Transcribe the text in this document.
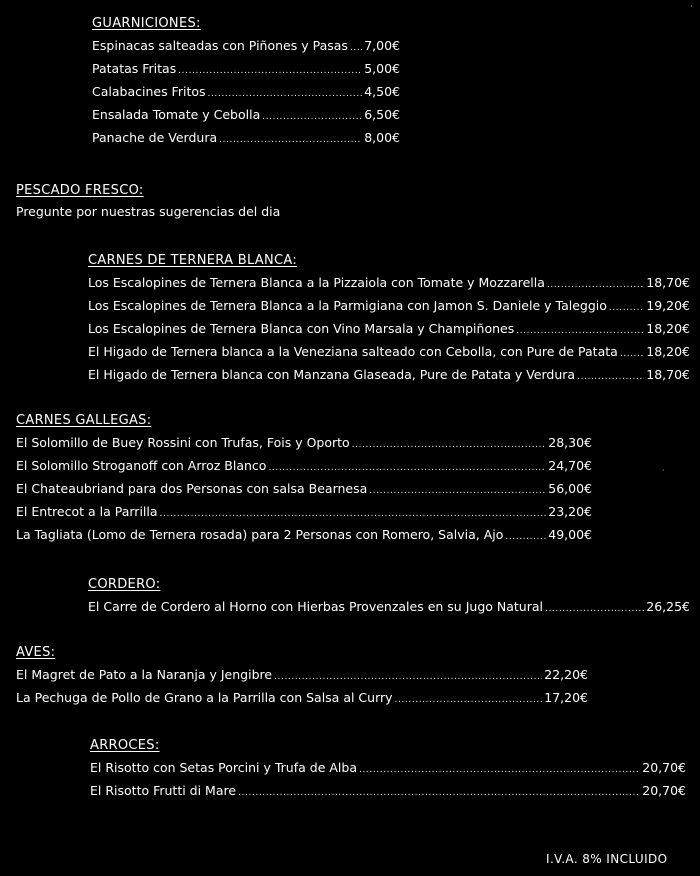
GUARNICIONES:
Espinacas salteadas con Piñones y Pasas ..... 7,00€
Patatas Fritas .....	5,00€
Calabacines Fritos .....	4,50€
Ensalada Tomate y Cebolla .....	6,50€
Panache de Verdura .....	8,00€
PESCADO FRESCO:
Pregunte por nuestras sugerencias del dia
CARNES DE TERNERA BLANCA:
Los Escalopines de Ternera Blanca a la Pizzaiola con Tomate y Mozzarella .....	18,70€
Los Escalopines de Ternera Blanca a la Parmigiana con Jamon S. Daniele y Taleggio .....	19,20€
Los Escalopines de Ternera Blanca con Vino Marsala y Champiñones .....	18,20€
El Higado de Ternera blanca a la Veneziana salteado con Cebolla, con Pure de Patata ..... 18,20€
El Higado de Ternera blanca con Manzana Glaseada, Pure de Patata y Verdura .....	18,70€
CARNES GALLEGAS:
El Solomillo de Buey Rossini con Trufas, Fois y Oporto .....	28,30€
El Solomillo Stroganoff con Arroz Blanco .....	24,70€
El Chateaubriand para dos Personas con salsa Bearnesa .....	56,00€
El Entrecot a la Parrilla .....	23,20€
La Tagliata (Lomo de Ternera rosada) para 2 Personas con Romero, Salvia, Ajo .....	49,00€
CORDERO:
El Carre de Cordero al Horno con Hierbas Provenzales en su Jugo Natural .....	26,25€
AVES:
El Magret de Pato a la Naranja y Jengibre .....	22,20€
La Pechuga de Pollo de Grano a la Parrilla con Salsa al Curry .....	17,20€
ARROCES:
El Risotto con Setas Porcini y Trufa de Alba .....	20,70€
El Risotto Frutti di Mare .....	20,70€
·
·
I.V.A. 8% INCLUIDO
